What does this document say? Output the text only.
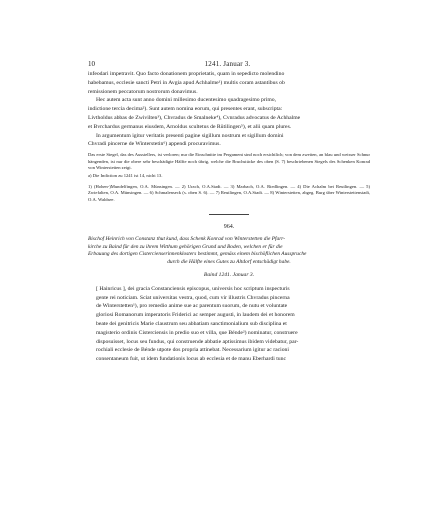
10	1241. Januar 3.

infeodari impetravit. Quo facto donationem proprietatis, quam in sepedicto molendino

habebamus, ecclesie sancti Petri in Avgia apud Achhalme¹) multis coram astantibus ob

remissionem peccatorum nostrorum donavimus.

Hec autem acta sunt anno domini millesimo ducentesimo quadragesimo primo,

indictione tercia decima²). Sunt autem nomina eorum, qui presentes erant, subscripta:

Livtholdus abbas de Zwivilten³), Chvradus de Smalnekе⁴), Cvnradus advocatus de Achhalme

et Bvrchardus germanus eiusdem, Arnoldus scultetus de Rütilingen⁵), et alii quam plures.

In argumentum igitur veritatis presenti pagine sigillum nostrum et sigillum domini

Chvradi pincerne de Winterstetin⁶) appendi procuravimus.

Das erste Siegel, das des Ausstellers, ist verloren; nur die Einschnitte im Pergament sind noch ersichtlich; von dem zweiten, an blau und weisser Schnur hängenden, ist nur die obere sehr beschädigte Hälfte noch übrig, welche die Bruchstücke des oben (S. 7) beschriebenen Siegels des Schenken Konrad von Winterstetten zeigt.

a) Die Indiction zu 1241 ist 14, nicht 13.

1) (Hohen-)Mundelfingen, O.A. Münsingen. — 2) Urach, O.A.Stadt. — 3) Marbach, O.A. Riedlingen. — 4) Die Achalm bei Reutlingen. — 5) Zwiefalten, O.A. Münsingen. — 6) Schmalenseck (s. oben S. 6). — 7) Reutlingen, O.A.Stadt. — 8) Winterstetten, abgeg. Burg über Winterstettenstadt, O.A. Waldsee.

964.

Bischof Heinrich von Constanz thut kund, dass Schenk Konrad von Winterstetten die Pfarr-
kirche zu Baind für den zu ihrem Witthum gehörigen Grund und Boden, welchen er für die
Erbauung des dortigen Cistercienserinnenklosters bestimmt, gemäss einem bischöflichen Ausspruche
durch die Hälfte eines Gutes zu Altdorf entschädigt habe.

Baind 1241. Januar 3.

[ Hainricus ], dei gracia Constanciensis episcopus, universis hoc scriptum inspecturis

gente rei noticiam. Sciat universitas vestra, quod, cum vir illustris Chvradus pincerna

de Winterstetten¹), pro remedio anime sue ac parentum suorum, de nutu et voluntate

gloriosi Romanorum imperatoris Friderici ac semper augusti, in laudem dei et honorem

beate dei genitricis Marie claustrum seu abbatiam sanctimonialium sub disciplina et

magisterio ordinis Cisterciensis in predio suo et villa, que Bénde²) nominatur, construere

disposuisset, locus seu fundus, qui construende abbatie aptissimus ibidem videbatur, par-

rochiali ecclesie de Bénde utpote dos propria attinebat. Necessarium igitur ac racioni

consentaneum fuit, ut idem fundationis locus ab ecclesia et de manu Eberhardi tunc
